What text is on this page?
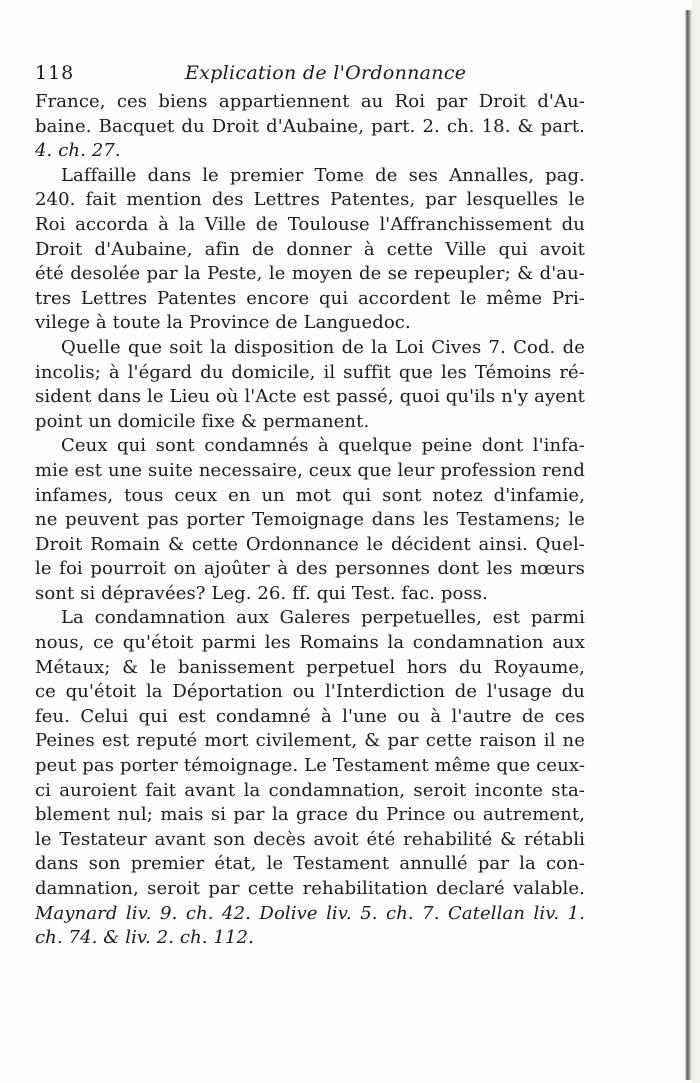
118	Explication de l'Ordonnance
France, ces biens appartiennent au Roi par Droit d'Au-
baine. Bacquet du Droit d'Aubaine, part. 2. ch. 18. & part.
4. ch. 27.
Laffaille dans le premier Tome de ses Annalles, pag.
240. fait mention des Lettres Patentes, par lesquelles le
Roi accorda à la Ville de Toulouse l'Affranchissement du
Droit d'Aubaine, afin de donner à cette Ville qui avoit
été desolée par la Peste, le moyen de se repeupler; & d'au-
tres Lettres Patentes encore qui accordent le même Pri-
vilege à toute la Province de Languedoc.
Quelle que soit la disposition de la Loi Cives 7. Cod. de
incolis; à l'égard du domicile, il suffit que les Témoins ré-
sident dans le Lieu où l'Acte est passé, quoi qu'ils n'y ayent
point un domicile fixe & permanent.
Ceux qui sont condamnés à quelque peine dont l'infa-
mie est une suite necessaire, ceux que leur profession rend
infames, tous ceux en un mot qui sont notez d'infamie,
ne peuvent pas porter Temoignage dans les Testamens; le
Droit Romain & cette Ordonnance le décident ainsi. Quel-
le foi pourroit on ajoûter à des personnes dont les mœurs
sont si dépravées? Leg. 26. ff. qui Test. fac. poss.
La condamnation aux Galeres perpetuelles, est parmi
nous, ce qu'étoit parmi les Romains la condamnation aux
Métaux; & le banissement perpetuel hors du Royaume,
ce qu'étoit la Déportation ou l'Interdiction de l'usage du
feu. Celui qui est condamné à l'une ou à l'autre de ces
Peines est reputé mort civilement, & par cette raison il ne
peut pas porter témoignage. Le Testament même que ceux-
ci auroient fait avant la condamnation, seroit inconte sta-
blement nul; mais si par la grace du Prince ou autrement,
le Testateur avant son decès avoit été rehabilité & rétabli
dans son premier état, le Testament annullé par la con-
damnation, seroit par cette rehabilitation declaré valable.
Maynard liv. 9. ch. 42. Dolive liv. 5. ch. 7. Catellan liv. 1.
ch. 74. & liv. 2. ch. 112.
